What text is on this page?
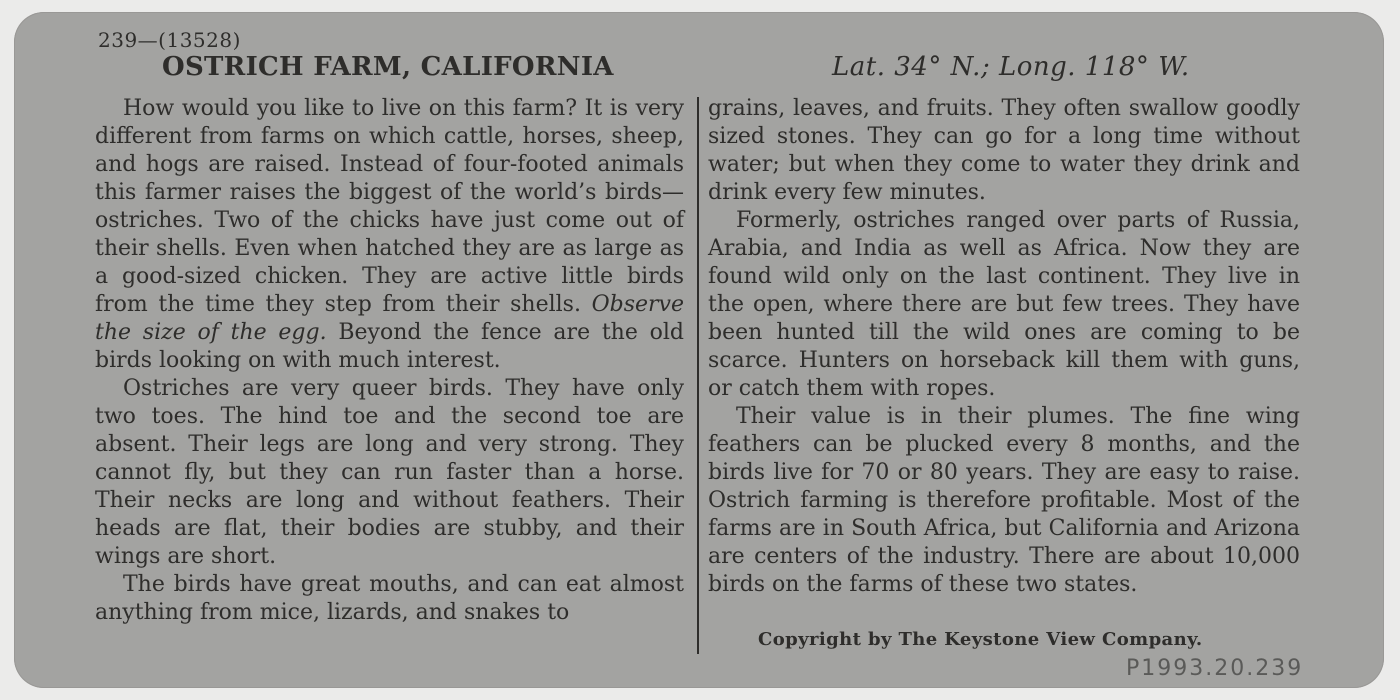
239—(13528)
OSTRICH FARM, CALIFORNIA	Lat. 34° N.; Long. 118° W.

How would you like to live on this farm? It is very different from farms on which cattle, horses, sheep, and hogs are raised. Instead of four-footed animals this farmer raises the biggest of the world’s birds—ostriches. Two of the chicks have just come out of their shells. Even when hatched they are as large as a good-sized chicken. They are active little birds from the time they step from their shells. Observe the size of the egg. Beyond the fence are the old birds looking on with much interest.

Ostriches are very queer birds. They have only two toes. The hind toe and the second toe are absent. Their legs are long and very strong. They cannot fly, but they can run faster than a horse. Their necks are long and without feathers. Their heads are flat, their bodies are stubby, and their wings are short.

The birds have great mouths, and can eat almost anything from mice, lizards, and snakes to

grains, leaves, and fruits. They often swallow goodly sized stones. They can go for a long time without water; but when they come to water they drink and drink every few minutes.

Formerly, ostriches ranged over parts of Russia, Arabia, and India as well as Africa. Now they are found wild only on the last continent. They live in the open, where there are but few trees. They have been hunted till the wild ones are coming to be scarce. Hunters on horseback kill them with guns, or catch them with ropes.

Their value is in their plumes. The fine wing feathers can be plucked every 8 months, and the birds live for 70 or 80 years. They are easy to raise. Ostrich farming is therefore profitable. Most of the farms are in South Africa, but California and Arizona are centers of the industry. There are about 10,000 birds on the farms of these two states.

Copyright by The Keystone View Company.
P1993.20.239
